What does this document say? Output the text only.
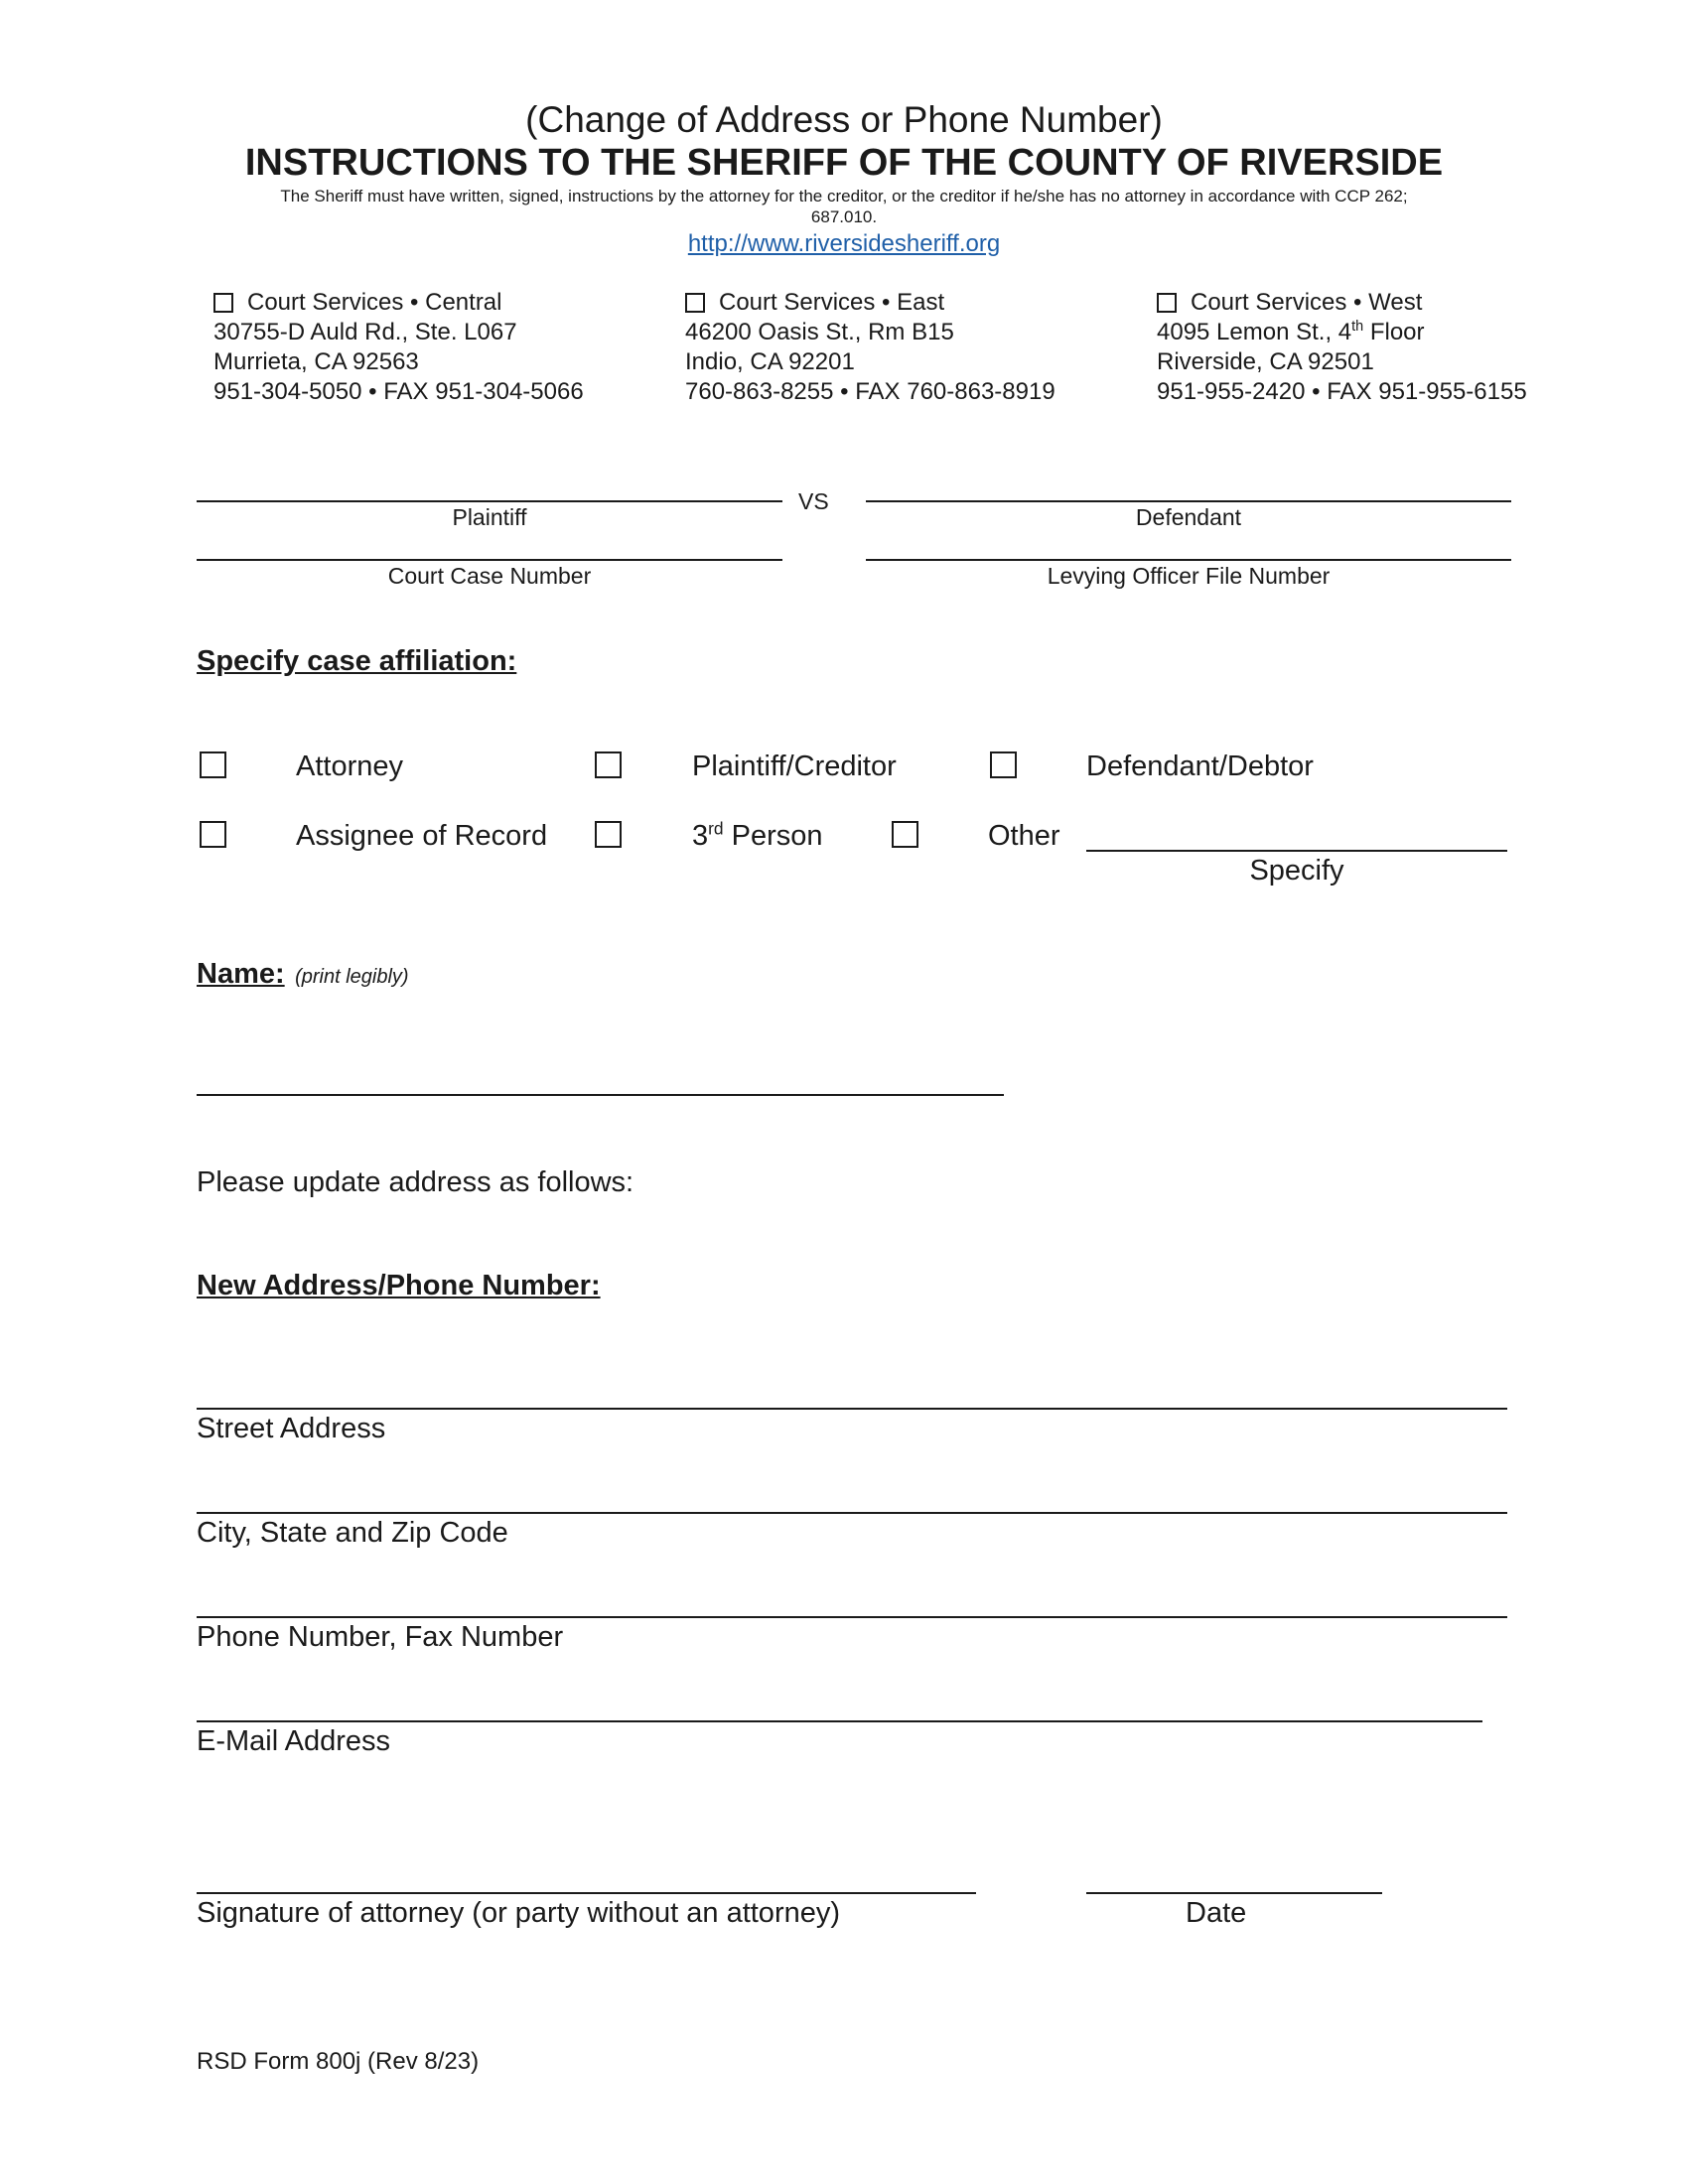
(Change of Address or Phone Number)
INSTRUCTIONS TO THE SHERIFF OF THE COUNTY OF RIVERSIDE
The Sheriff must have written, signed, instructions by the attorney for the creditor, or the creditor if he/she has no attorney in accordance with CCP 262;
687.010.
http://www.riversidesheriff.org
Court Services • Central
30755-D Auld Rd., Ste. L067
Murrieta, CA 92563
951-304-5050 • FAX 951-304-5066
Court Services • East
46200 Oasis St., Rm B15
Indio, CA 92201
760-863-8255 • FAX 760-863-8919
Court Services • West
4095 Lemon St., 4th Floor
Riverside, CA 92501
951-955-2420 • FAX 951-955-6155
Plaintiff
VS
Defendant
Court Case Number	Levying Officer File Number
Specify case affiliation:
Attorney	Plaintiff/Creditor	Defendant/Debtor
Assignee of Record	3rd Person	Other
Specify
Name: (print legibly)
Please update address as follows:
New Address/Phone Number:
Street Address
City, State and Zip Code
Phone Number, Fax Number
E-Mail Address
Signature of attorney (or party without an attorney)	Date
RSD Form 800j (Rev 8/23)
